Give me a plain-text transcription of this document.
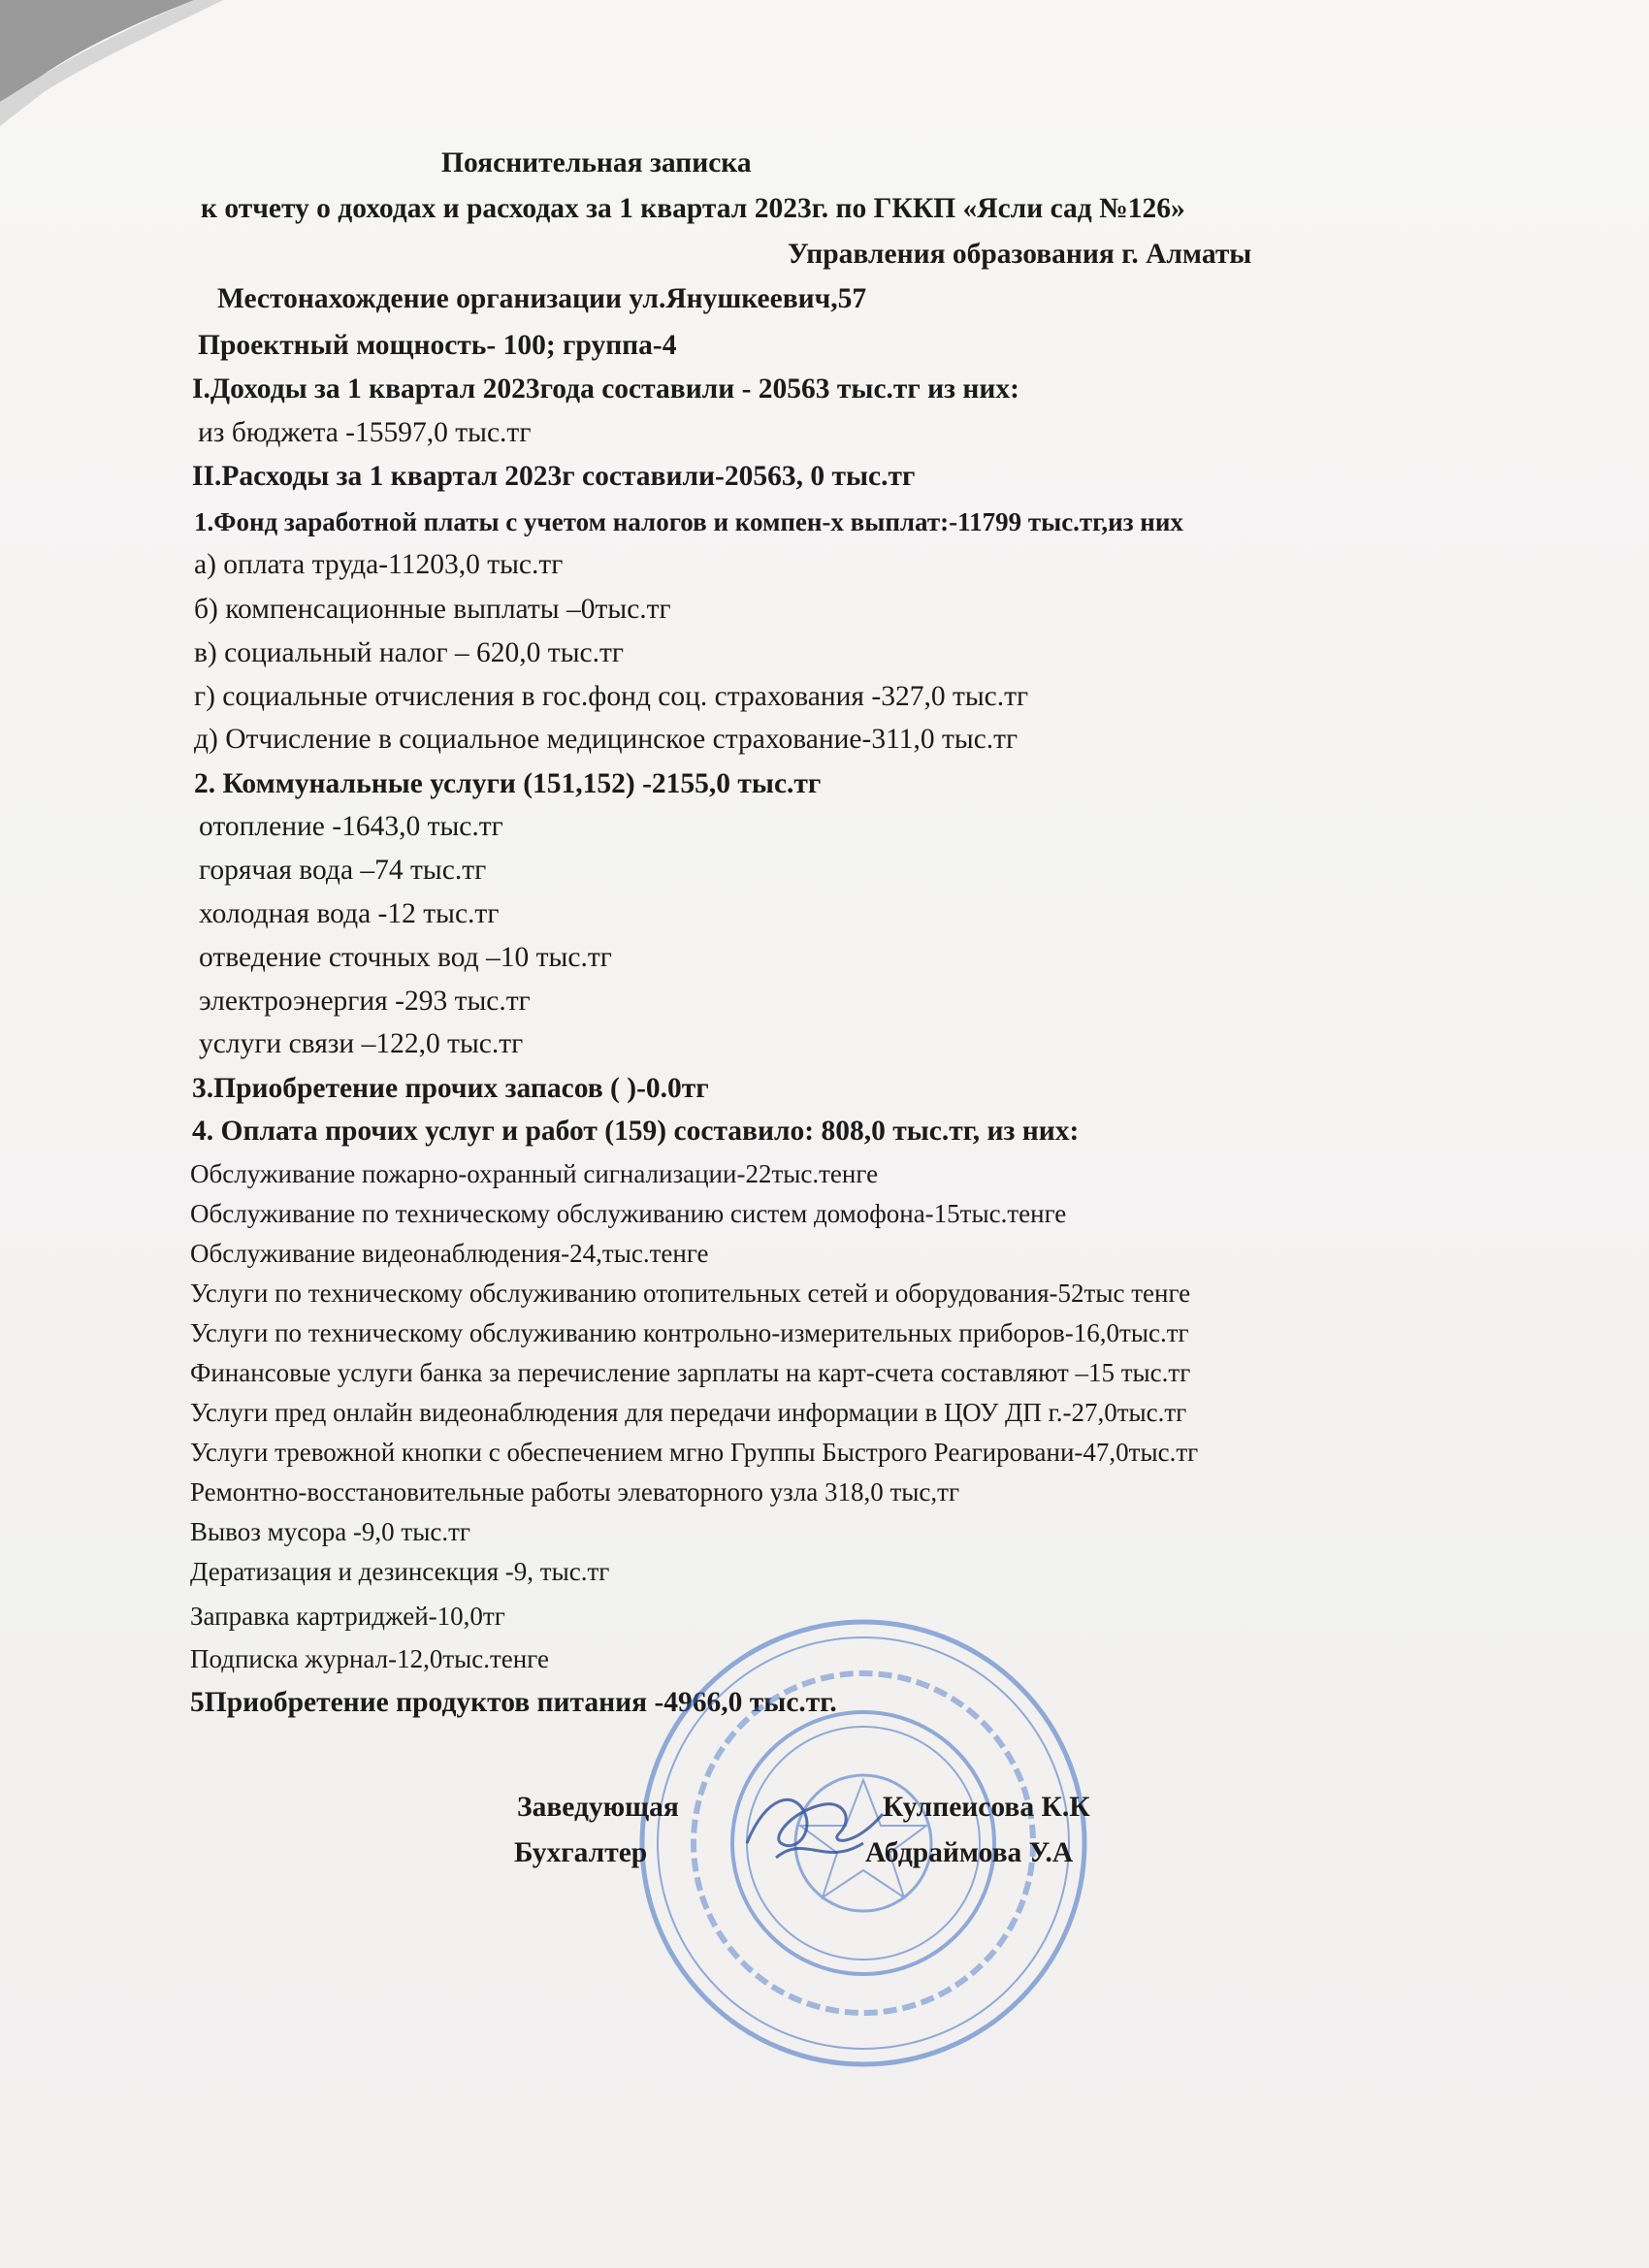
Пояснительная записка
к отчету о доходах и расходах за 1 квартал 2023г. по ГККП «Ясли сад №126»
Управления образования г. Алматы
Местонахождение организации ул.Янушкеевич,57
Проектный мощность- 100; группа-4
I.Доходы за 1 квартал 2023года составили - 20563 тыс.тг из них:
из бюджета -15597,0 тыс.тг
II.Расходы за 1 квартал 2023г составили-20563, 0 тыс.тг
1.Фонд заработной платы с учетом налогов и компен-х выплат:-11799 тыс.тг,из них
а) оплата труда-11203,0 тыс.тг
б) компенсационные выплаты –0тыс.тг
в) социальный налог – 620,0 тыс.тг
г) социальные отчисления в гос.фонд соц. страхования -327,0 тыс.тг
д) Отчисление в социальное медицинское страхование-311,0 тыс.тг
2. Коммунальные услуги (151,152) -2155,0 тыс.тг
отопление -1643,0 тыс.тг
горячая вода –74 тыс.тг
холодная вода -12 тыс.тг
отведение сточных вод –10 тыс.тг
электроэнергия -293 тыс.тг
услуги связи –122,0 тыс.тг
3.Приобретение прочих запасов ( )-0.0тг
4. Оплата прочих услуг и работ (159) составило: 808,0 тыс.тг, из них:
Обслуживание пожарно-охранный сигнализации-22тыс.тенге
Обслуживание по техническому обслуживанию систем домофона-15тыс.тенге
Обслуживание видеонаблюдения-24,тыс.тенге
Услуги по техническому обслуживанию отопительных сетей и оборудования-52тыс тенге
Услуги по техническому обслуживанию контрольно-измерительных приборов-16,0тыс.тг
Финансовые услуги банка за перечисление зарплаты на карт-счета составляют –15 тыс.тг
Услуги пред онлайн видеонаблюдения для передачи информации в ЦОУ ДП г.-27,0тыс.тг
Услуги тревожной кнопки с обеспечением мгно Группы Быстрого Реагировани-47,0тыс.тг
Ремонтно-восстановительные работы элеваторного узла 318,0 тыс,тг
Вывоз мусора -9,0 тыс.тг
Дератизация и дезинсекция -9, тыс.тг
Заправка картриджей-10,0тг
Подписка журнал-12,0тыс.тенге
5Приобретение продуктов питания -4966,0 тыс.тг.
Заведующая	Кулпеисова К.К
Бухгалтер	Абдраймова У.А
